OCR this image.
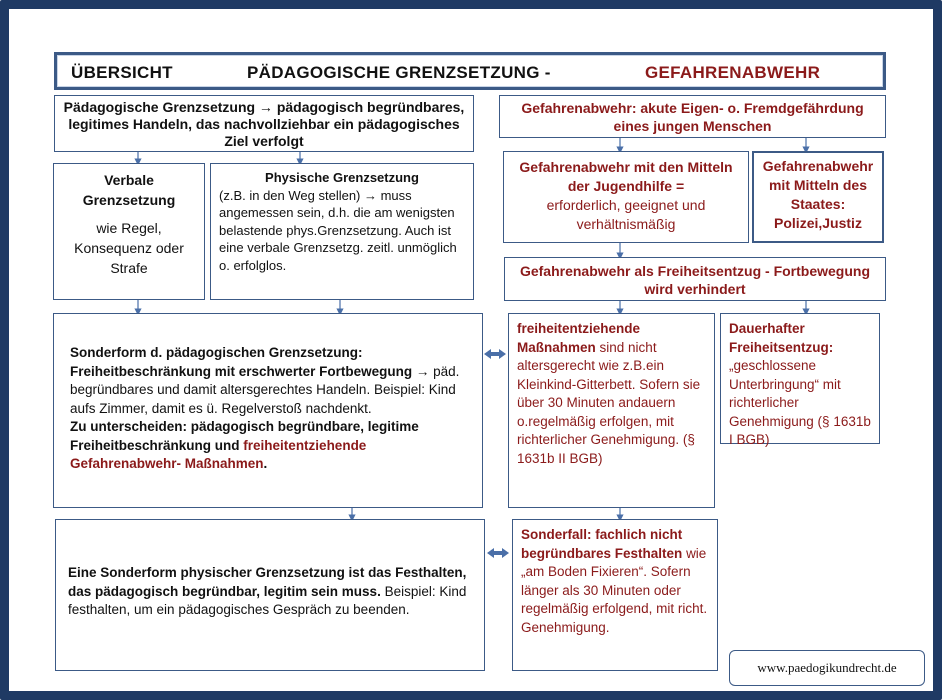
ÜBERSICHT	PÄDAGOGISCHE GRENZSETZUNG -	GEFAHRENABWEHR

Pädagogische Grenzsetzung → pädagogisch begründbares, legitimes Handeln, das nachvollziehbar ein pädagogisches Ziel verfolgt

Verbale Grenzsetzung

wie Regel, Konsequenz oder Strafe

Physische Grenzsetzung

(z.B. in den Weg stellen) → muss angemessen sein, d.h. die am wenigsten belastende phys.Grenzsetzung. Auch ist eine verbale Grenzsetzg. zeitl. unmöglich o. erfolglos.

Sonderform d. pädagogischen Grenzsetzung: Freiheitbeschränkung mit erschwerter Fortbewegung → päd. begründbares und damit altersgerechtes Handeln. Beispiel: Kind aufs Zimmer, damit es ü. Regelverstoß nachdenkt.

Zu unterscheiden: pädagogisch begründbare, legitime Freiheitbeschränkung und freiheitentziehende Gefahrenabwehr- Maßnahmen.

Eine Sonderform physischer Grenzsetzung ist das Festhalten, das pädagogisch begründbar, legitim sein muss. Beispiel: Kind festhalten, um ein pädagogisches Gespräch zu beenden.

Gefahrenabwehr: akute Eigen- o. Fremdgefährdung eines jungen Menschen

Gefahrenabwehr mit den Mitteln der Jugendhilfe =

erforderlich, geeignet und verhältnismäßig

Gefahrenabwehr mit Mitteln des Staates: Polizei,Justiz

Gefahrenabwehr als Freiheitsentzug - Fortbewegung wird verhindert

freiheitentziehende Maßnahmen sind nicht altersgerecht wie z.B.ein Kleinkind-Gitterbett. Sofern sie über 30 Minuten andauern o.regelmäßig erfolgen, mit richterlicher Genehmigung. (§ 1631b II BGB)

Dauerhafter Freiheitsentzug: „geschlossene Unterbringung“ mit richterlicher Genehmigung (§ 1631b I BGB)

Sonderfall: fachlich nicht begründbares Festhalten wie „am Boden Fixieren“. Sofern länger als 30 Minuten oder regelmäßig erfolgend, mit richt. Genehmigung.

www.paedogikundrecht.de
